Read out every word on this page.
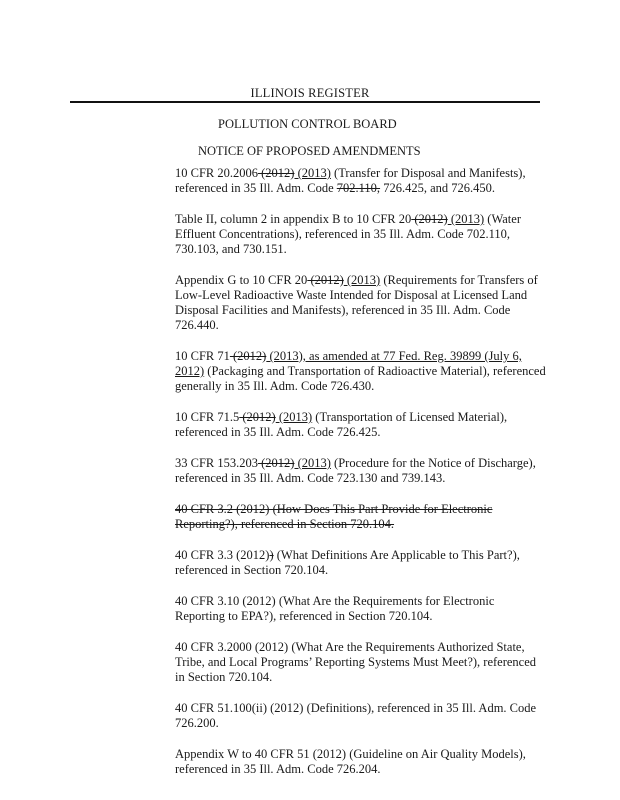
ILLINOIS REGISTER
POLLUTION CONTROL BOARD
NOTICE OF PROPOSED AMENDMENTS

10 CFR 20.2006 (2012) (2013) (Transfer for Disposal and Manifests), referenced in 35 Ill. Adm. Code 702.110, 726.425, and 726.450.

Table II, column 2 in appendix B to 10 CFR 20 (2012) (2013) (Water Effluent Concentrations), referenced in 35 Ill. Adm. Code 702.110, 730.103, and 730.151.

Appendix G to 10 CFR 20 (2012) (2013) (Requirements for Transfers of Low-Level Radioactive Waste Intended for Disposal at Licensed Land Disposal Facilities and Manifests), referenced in 35 Ill. Adm. Code 726.440.

10 CFR 71 (2012) (2013), as amended at 77 Fed. Reg. 39899 (July 6, 2012) (Packaging and Transportation of Radioactive Material), referenced generally in 35 Ill. Adm. Code 726.430.

10 CFR 71.5 (2012) (2013) (Transportation of Licensed Material), referenced in 35 Ill. Adm. Code 726.425.

33 CFR 153.203 (2012) (2013) (Procedure for the Notice of Discharge), referenced in 35 Ill. Adm. Code 723.130 and 739.143.

40 CFR 3.2 (2012) (How Does This Part Provide for Electronic Reporting?), referenced in Section 720.104.

40 CFR 3.3 (2012)) (What Definitions Are Applicable to This Part?), referenced in Section 720.104.

40 CFR 3.10 (2012) (What Are the Requirements for Electronic Reporting to EPA?), referenced in Section 720.104.

40 CFR 3.2000 (2012) (What Are the Requirements Authorized State, Tribe, and Local Programs’ Reporting Systems Must Meet?), referenced in Section 720.104.

40 CFR 51.100(ii) (2012) (Definitions), referenced in 35 Ill. Adm. Code 726.200.

Appendix W to 40 CFR 51 (2012) (Guideline on Air Quality Models), referenced in 35 Ill. Adm. Code 726.204.
